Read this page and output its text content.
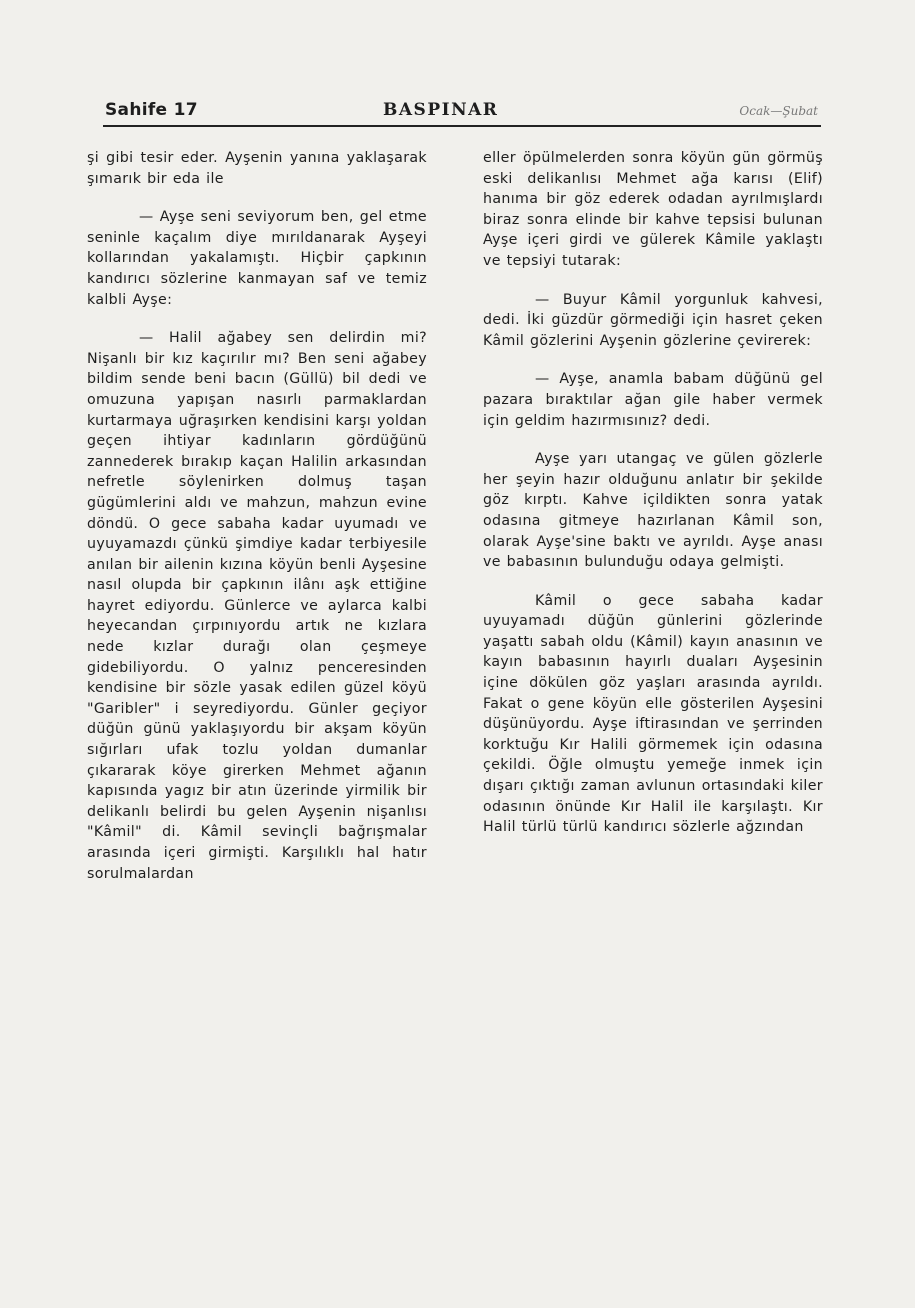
Sahife 17	BASPINAR	Ocak—Şubat

şi gibi tesir eder. Ayşenin yanına yaklaşarak şımarık bir eda ile

— Ayşe seni seviyorum ben, gel etme seninle kaçalım diye mırıldanarak Ayşeyi kollarından yakalamıştı. Hiçbir çapkının kandırıcı sözlerine kanmayan saf ve temiz kalbli Ayşe:

— Halil ağabey sen delirdin mi? Nişanlı bir kız kaçırılır mı? Ben seni ağabey bildim sende beni bacın (Güllü) bil dedi ve omuzuna yapışan nasırlı parmaklardan kurtarmaya uğraşırken kendisini karşı yoldan geçen ihtiyar kadınların gördüğünü zannederek bırakıp kaçan Halilin arkasından nefretle söylenirken dolmuş taşan gügümlerini aldı ve mahzun, mahzun evine döndü. O gece sabaha kadar uyumadı ve uyuyamazdı çünkü şimdiye kadar terbiyesile anılan bir ailenin kızına köyün benli Ayşesine nasıl olupda bir çapkının ilânı aşk ettiğine hayret ediyordu. Günlerce ve aylarca kalbi heyecandan çırpınıyordu artık ne kızlara nede kızlar durağı olan çeşmeye gidebiliyordu. O yalnız penceresinden kendisine bir sözle yasak edilen güzel köyü "Garibler" i seyrediyordu. Günler geçiyor düğün günü yaklaşıyordu bir akşam köyün sığırları ufak tozlu yoldan dumanlar çıkararak köye girerken Mehmet ağanın kapısında yagız bir atın üzerinde yirmilik bir delikanlı belirdi bu gelen Ayşenin nişanlısı "Kâmil" di. Kâmil sevinçli bağrışmalar arasında içeri girmişti. Karşılıklı hal hatır sorulmalardan

eller öpülmelerden sonra köyün gün görmüş eski delikanlısı Mehmet ağa karısı (Elif) hanıma bir göz ederek odadan ayrılmışlardı biraz sonra elinde bir kahve tepsisi bulunan Ayşe içeri girdi ve gülerek Kâmile yaklaştı ve tepsiyi tutarak:

— Buyur Kâmil yorgunluk kahvesi, dedi. İki güzdür görmediği için hasret çeken Kâmil gözlerini Ayşenin gözlerine çevirerek:

— Ayşe, anamla babam düğünü gel pazara bıraktılar ağan gile haber vermek için geldim hazırmısınız? dedi.

Ayşe yarı utangaç ve gülen gözlerle her şeyin hazır olduğunu anlatır bir şekilde göz kırptı. Kahve içildikten sonra yatak odasına gitmeye hazırlanan Kâmil son, olarak Ayşe'sine baktı ve ayrıldı. Ayşe anası ve babasının bulunduğu odaya gelmişti.

Kâmil o gece sabaha kadar uyuyamadı düğün günlerini gözlerinde yaşattı sabah oldu (Kâmil) kayın anasının ve kayın babasının hayırlı duaları Ayşesinin içine dökülen göz yaşları arasında ayrıldı. Fakat o gene köyün elle gösterilen Ayşesini düşünüyordu. Ayşe iftirasından ve şerrinden korktuğu Kır Halili görmemek için odasına çekildi. Öğle olmuştu yemeğe inmek için dışarı çıktığı zaman avlunun ortasındaki kiler odasının önünde Kır Halil ile karşılaştı. Kır Halil türlü türlü kandırıcı sözlerle ağzından
